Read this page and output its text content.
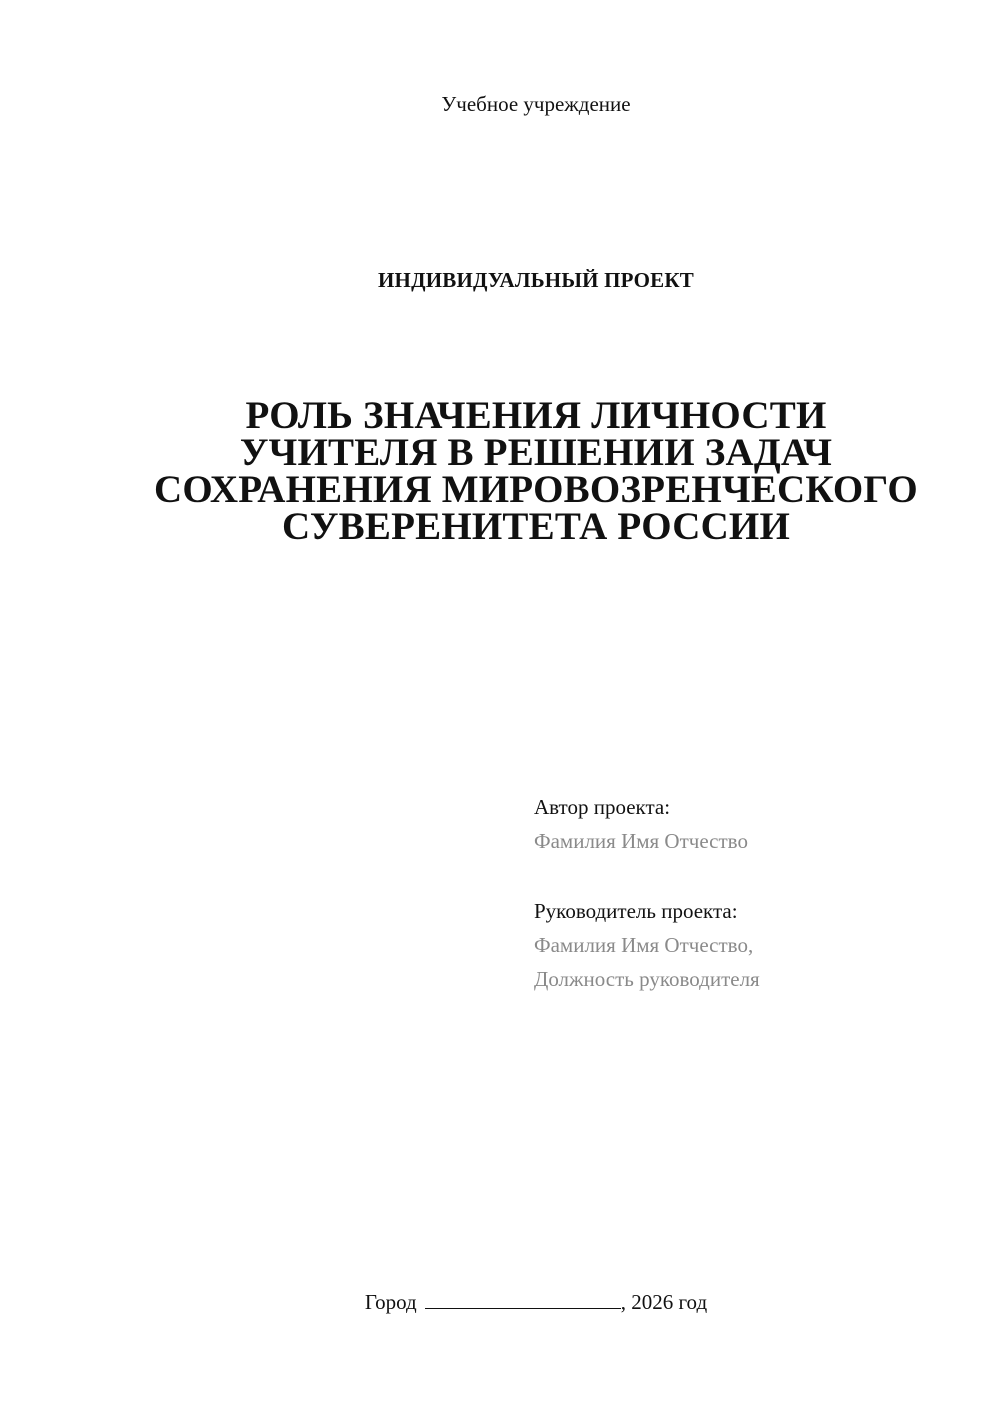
Учебное учреждение
ИНДИВИДУАЛЬНЫЙ ПРОЕКТ
РОЛЬ ЗНАЧЕНИЯ ЛИЧНОСТИ
УЧИТЕЛЯ В РЕШЕНИИ ЗАДАЧ
СОХРАНЕНИЯ МИРОВОЗРЕНЧЕСКОГО
СУВЕРЕНИТЕТА РОССИИ
Автор проекта:
Фамилия Имя Отчество
Руководитель проекта:
Фамилия Имя Отчество,
Должность руководителя
Город	, 2026 год
